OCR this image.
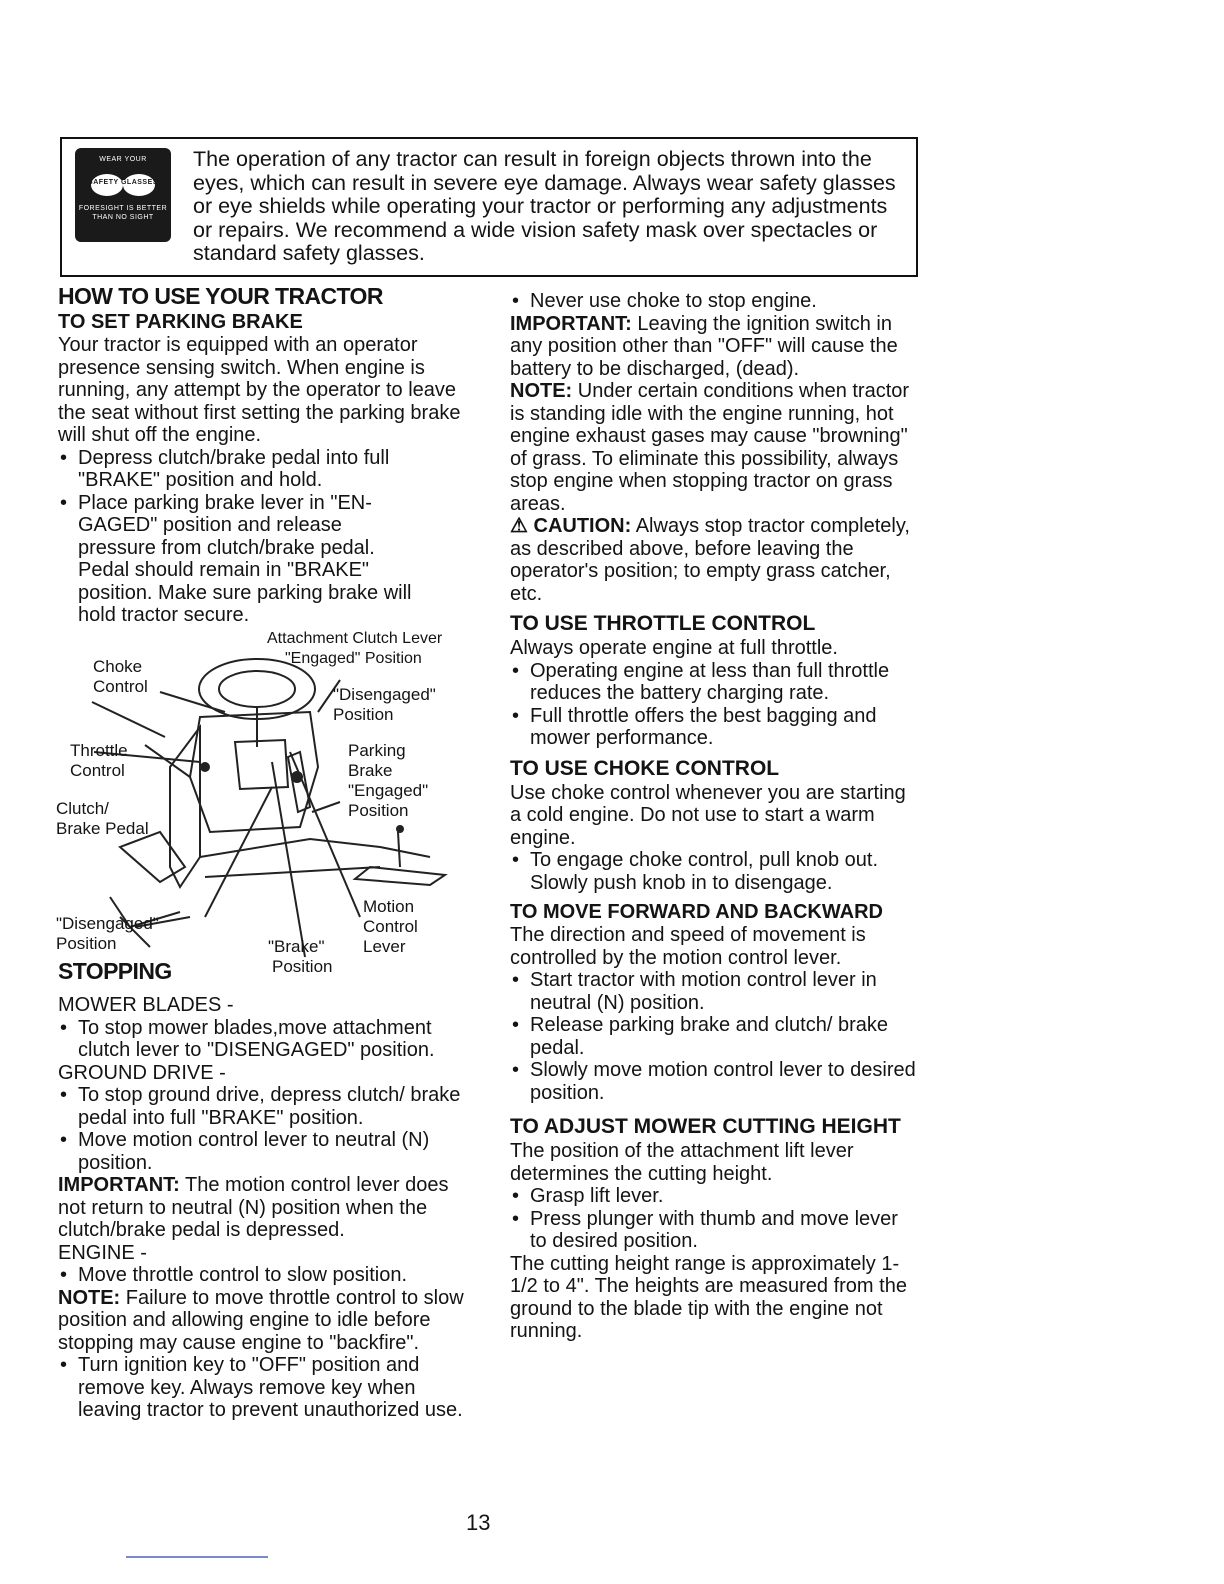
WEAR YOUR
SAFETY GLASSES
FORESIGHT IS BETTER THAN NO SIGHT

The operation of any tractor can result in foreign objects thrown into the eyes, which can result in severe eye damage. Always wear safety glasses or eye shields while operating your tractor or performing any adjustments or repairs. We recommend a wide vision safety mask over spectacles or standard safety glasses.

HOW TO USE YOUR TRACTOR

TO SET PARKING BRAKE

Your tractor is equipped with an operator presence sensing switch. When engine is running, any attempt by the operator to leave the seat without first setting the parking brake will shut off the engine.

• Depress clutch/brake pedal into full "BRAKE" position and hold.

• Place parking brake lever in "EN-GAGED" position and release pressure from clutch/brake pedal. Pedal should remain in "BRAKE" position. Make sure parking brake will hold tractor secure.

Attachment Clutch Lever
"Engaged" Position
Choke
Control	"Disengaged"
Position
Throttle
Control
Parking
Brake
"Engaged"
Position
Clutch/
Brake Pedal
Motion
Control
Lever
"Disengaged"
Position	"Brake"

STOPPING	Position

MOWER BLADES -

• To stop mower blades,move attachment clutch lever to "DISENGAGED" position.

GROUND DRIVE -

• To stop ground drive, depress clutch/ brake pedal into full "BRAKE" position.

• Move motion control lever to neutral (N) position.

IMPORTANT: The motion control lever does not return to neutral (N) position when the clutch/brake pedal is depressed.

ENGINE -

• Move throttle control to slow position.

NOTE: Failure to move throttle control to slow position and allowing engine to idle before stopping may cause engine to "backfire".

• Turn ignition key to "OFF" position and remove key. Always remove key when leaving tractor to prevent unauthorized use.

• Never use choke to stop engine.

IMPORTANT: Leaving the ignition switch in any position other than "OFF" will cause the battery to be discharged, (dead).

NOTE: Under certain conditions when tractor is standing idle with the engine running, hot engine exhaust gases may cause "browning" of grass. To eliminate this possibility, always stop engine when stopping tractor on grass areas.

⚠ CAUTION: Always stop tractor completely, as described above, before leaving the operator's position; to empty grass catcher, etc.

TO USE THROTTLE CONTROL

Always operate engine at full throttle.

• Operating engine at less than full throttle reduces the battery charging rate.

• Full throttle offers the best bagging and mower performance.

TO USE CHOKE CONTROL

Use choke control whenever you are starting a cold engine. Do not use to start a warm engine.

• To engage choke control, pull knob out. Slowly push knob in to disengage.

TO MOVE FORWARD AND BACKWARD

The direction and speed of movement is controlled by the motion control lever.

• Start tractor with motion control lever in neutral (N) position.

• Release parking brake and clutch/ brake pedal.

• Slowly move motion control lever to desired position.

TO ADJUST MOWER CUTTING HEIGHT

The position of the attachment lift lever determines the cutting height.

• Grasp lift lever.

• Press plunger with thumb and move lever to desired position.

The cutting height range is approximately 1-1/2 to 4". The heights are measured from the ground to the blade tip with the engine not running.

13
